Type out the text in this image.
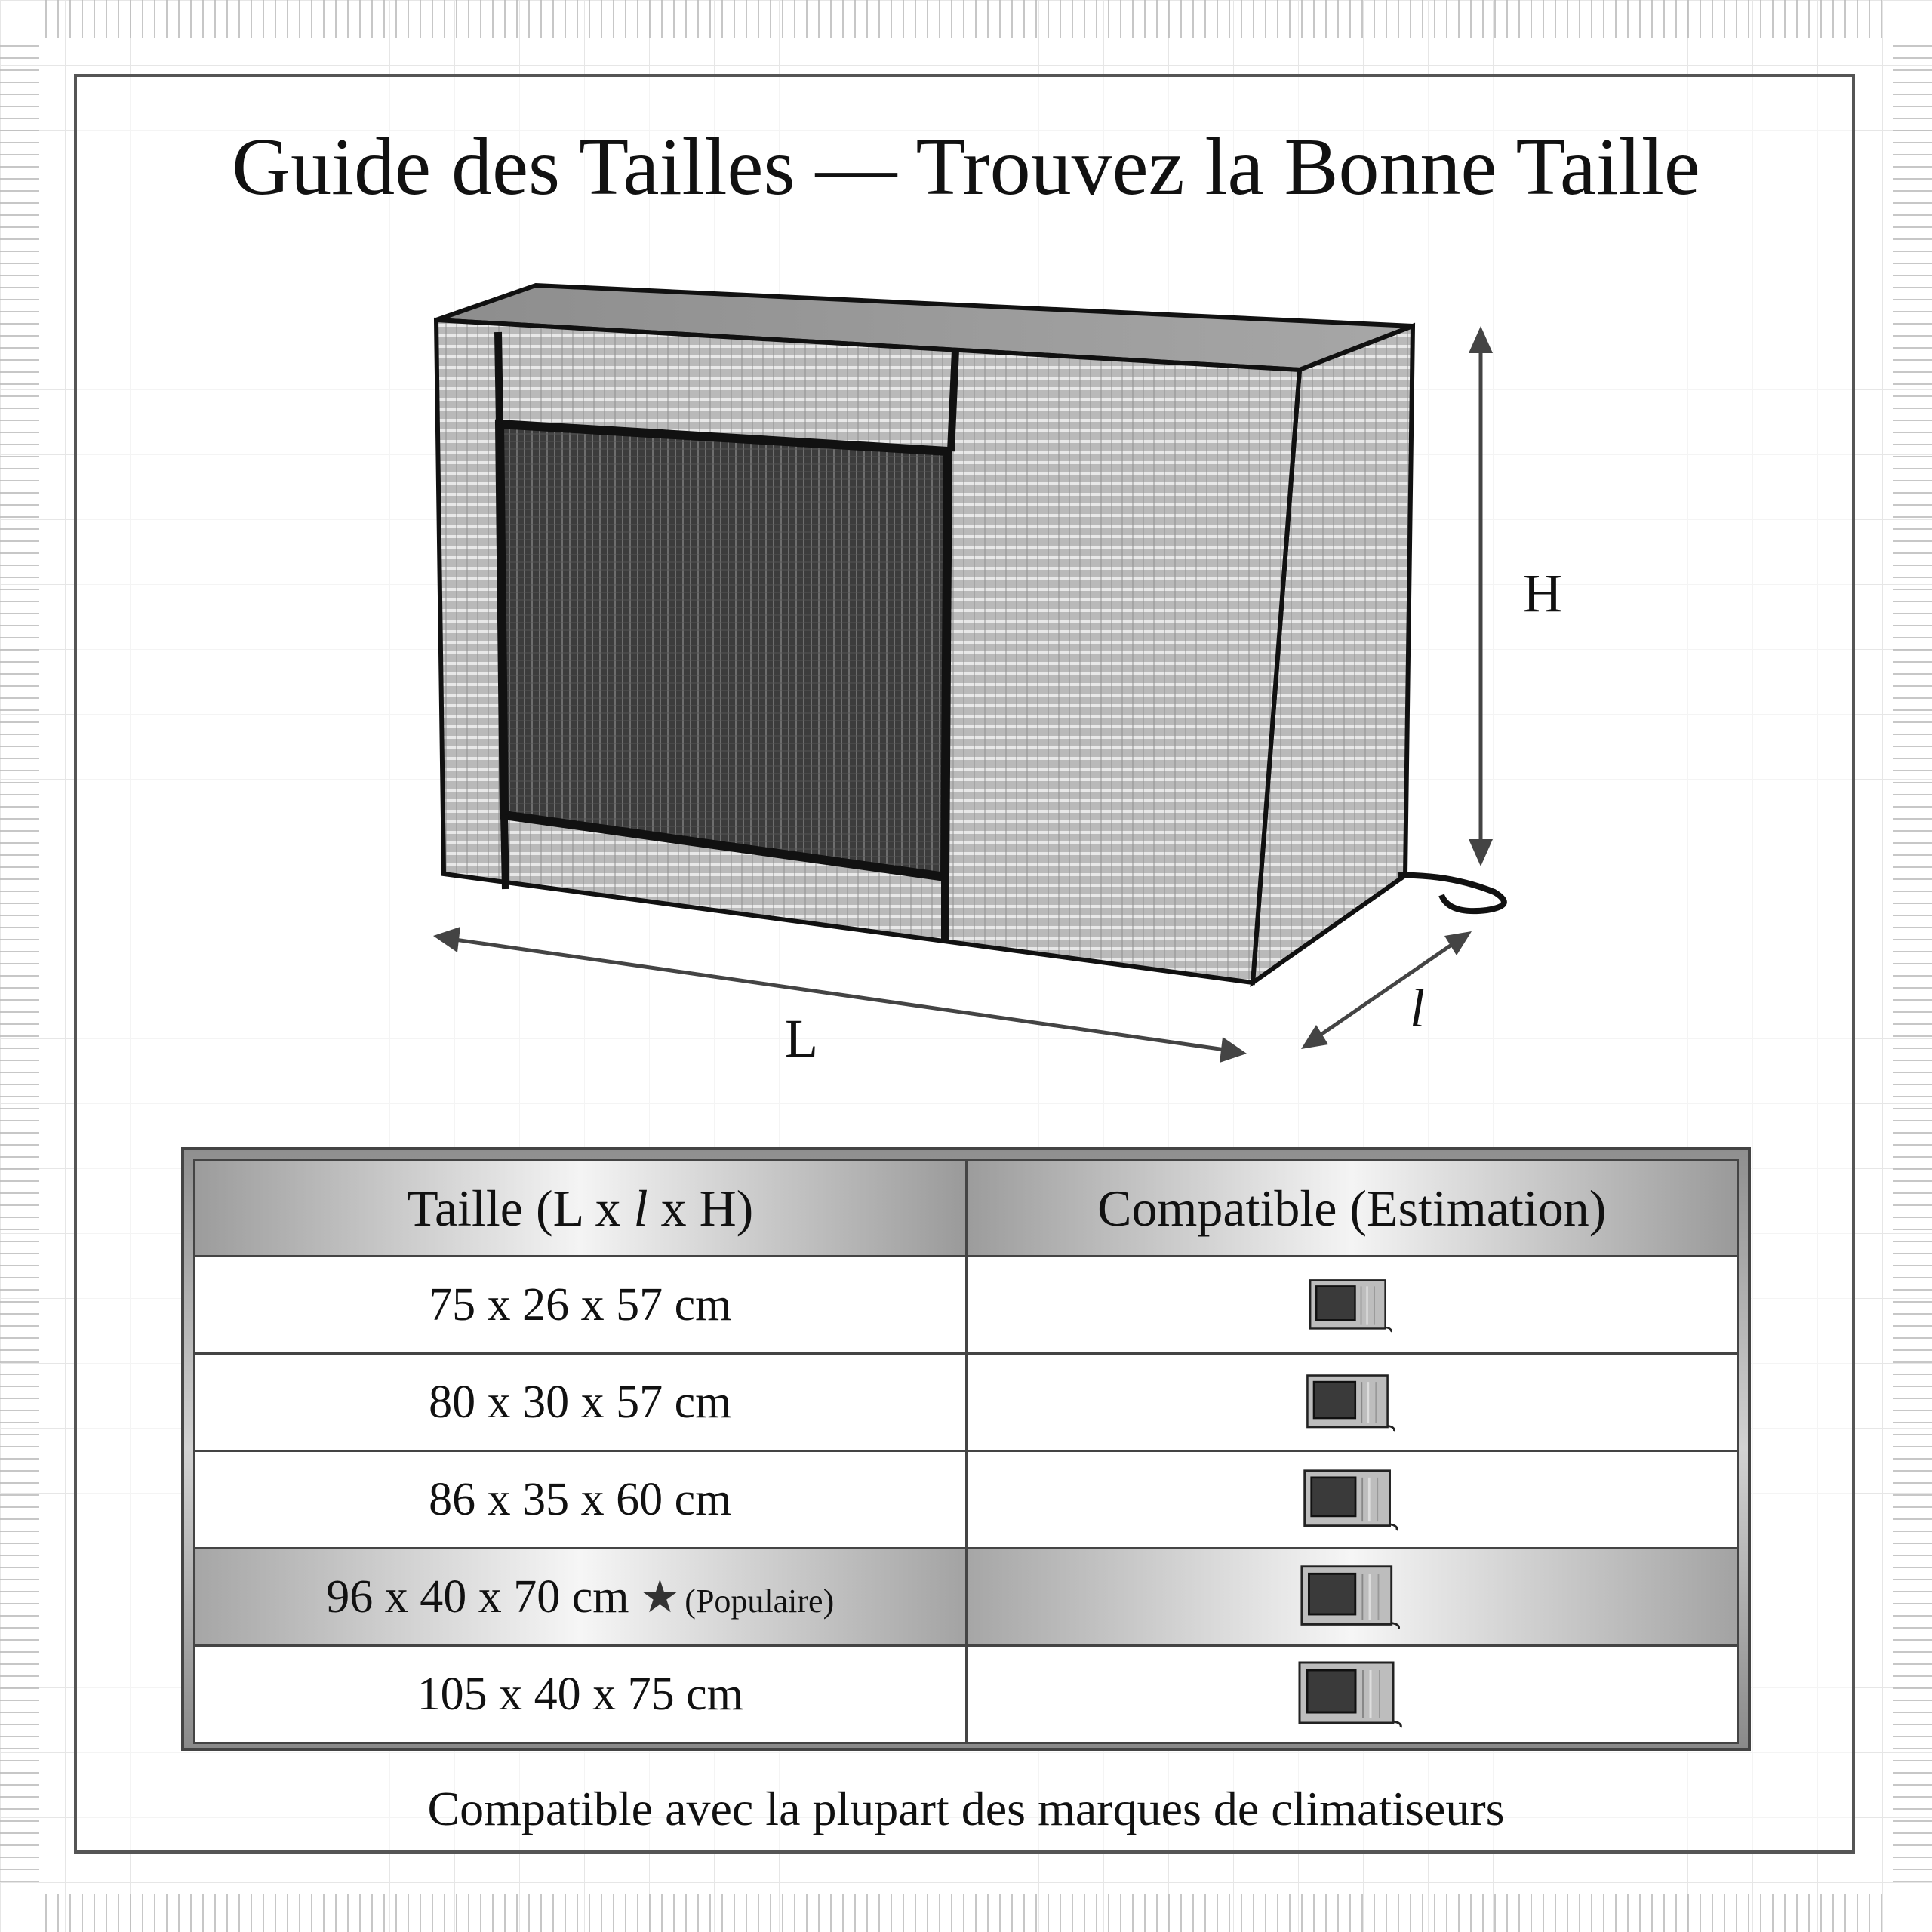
Guide des Tailles — Trouvez la Bonne Taille
H
L	l
Taille (L x l x H)	Compatible (Estimation)
75 x 26 x 57 cm	
80 x 30 x 57 cm	
86 x 35 x 60 cm	
96 x 40 x 70 cm ★ (Populaire)	
105 x 40 x 75 cm	
Compatible avec la plupart des marques de climatiseurs
